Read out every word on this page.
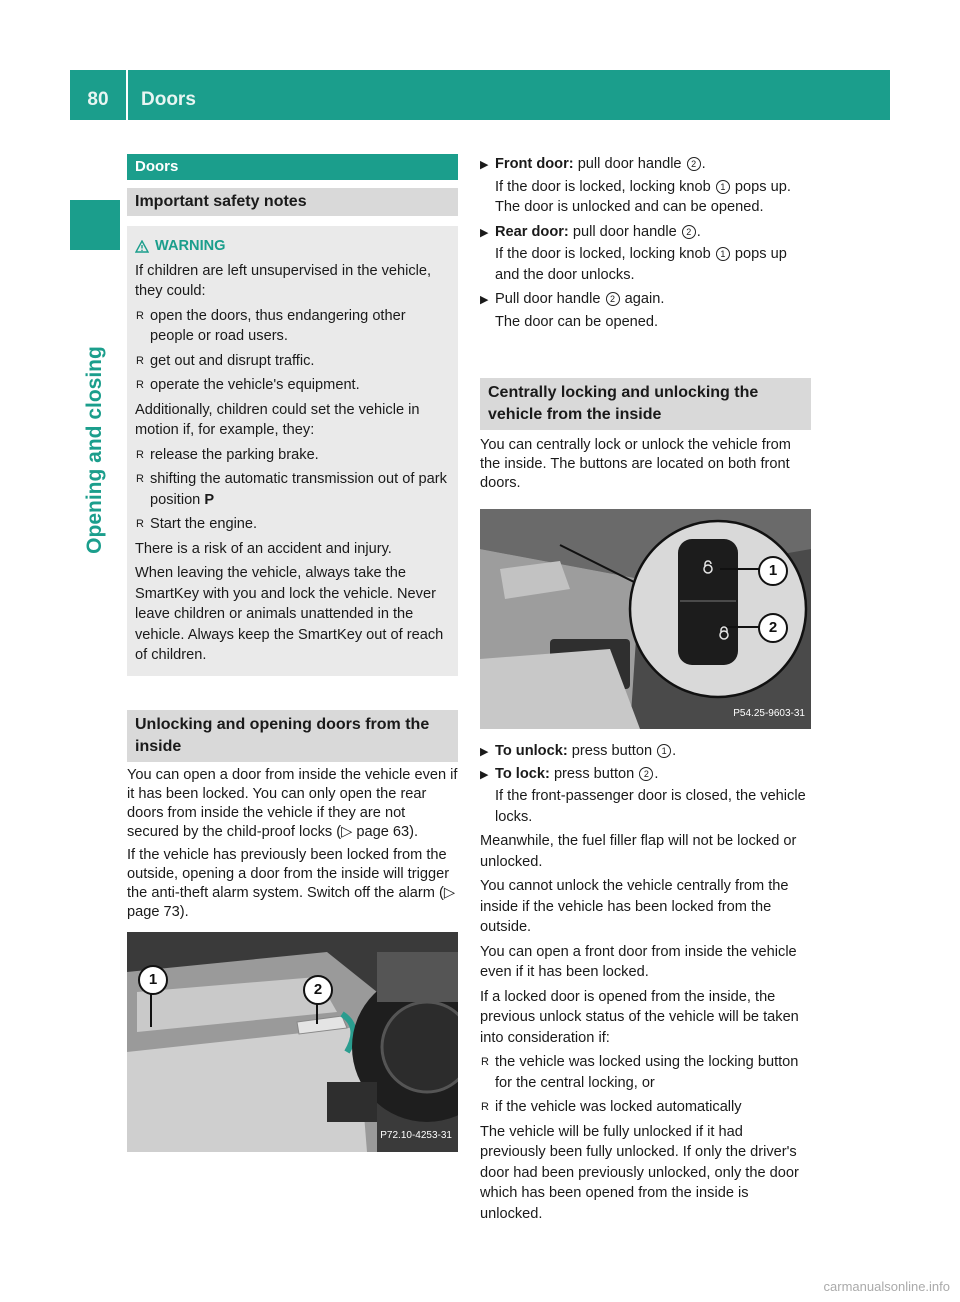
80	Doors
Opening and closing
Doors
Important safety notes
WARNING

If children are left unsupervised in the vehicle, they could:

R open the doors, thus endangering other people or road users.
R get out and disrupt traffic.
R operate the vehicle's equipment.

Additionally, children could set the vehicle in motion if, for example, they:

R release the parking brake.
R shifting the automatic transmission out of park position P
R Start the engine.

There is a risk of an accident and injury.

When leaving the vehicle, always take the SmartKey with you and lock the vehicle. Never leave children or animals unattended in the vehicle. Always keep the SmartKey out of reach of children.

Unlocking and opening doors from the inside

You can open a door from inside the vehicle even if it has been locked. You can only open the rear doors from inside the vehicle if they are not secured by the child-proof locks (▷ page 63).

If the vehicle has previously been locked from the outside, opening a door from the inside will trigger the anti-theft alarm system. Switch off the alarm (▷ page 73).

1
2
P72.10-4253-31
▶ Front door: pull door handle 2 .

If the door is locked, locking knob 1 pops up. The door is unlocked and can be opened.

▶ Rear door: pull door handle 2 .

If the door is locked, locking knob 1 pops up and the door unlocks.

▶ Pull door handle 2 again.

The door can be opened.

Centrally locking and unlocking the vehicle from the inside

You can centrally lock or unlock the vehicle from the inside. The buttons are located on both front doors.

1
2
P54.25-9603-31
▶ To unlock: press button 1 .
▶ To lock: press button 2 .

If the front-passenger door is closed, the vehicle locks.

Meanwhile, the fuel filler flap will not be locked or unlocked.

You cannot unlock the vehicle centrally from the inside if the vehicle has been locked from the outside.

You can open a front door from inside the vehicle even if it has been locked.

If a locked door is opened from the inside, the previous unlock status of the vehicle will be taken into consideration if:

R the vehicle was locked using the locking button for the central locking, or
R if the vehicle was locked automatically

The vehicle will be fully unlocked if it had previously been fully unlocked. If only the driver's door had been previously unlocked, only the door which has been opened from the inside is unlocked.

carmanualsonline.info
